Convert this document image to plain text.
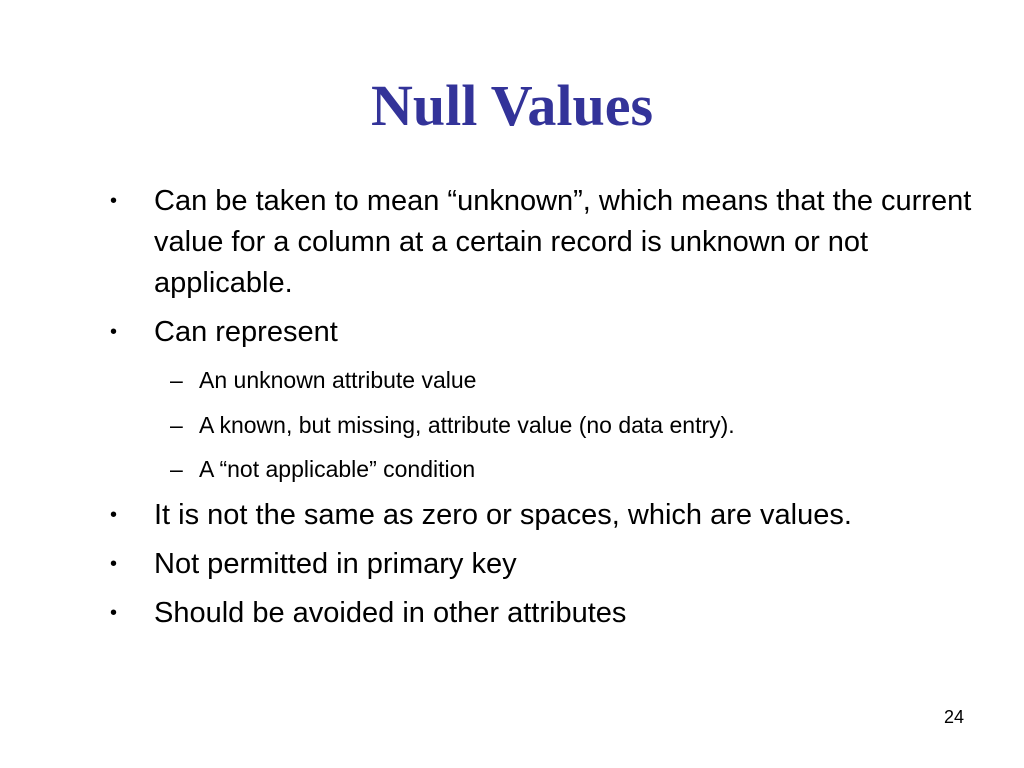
Null Values
•	Can be taken to mean “unknown”, which means that the current value for a column at a certain record is unknown or not applicable.
•	Can represent
– An unknown attribute value
– A known, but missing, attribute value (no data entry).
– A “not applicable” condition
•	It is not the same as zero or spaces, which are values.
•	Not permitted in primary key
•	Should be avoided in other attributes
24
